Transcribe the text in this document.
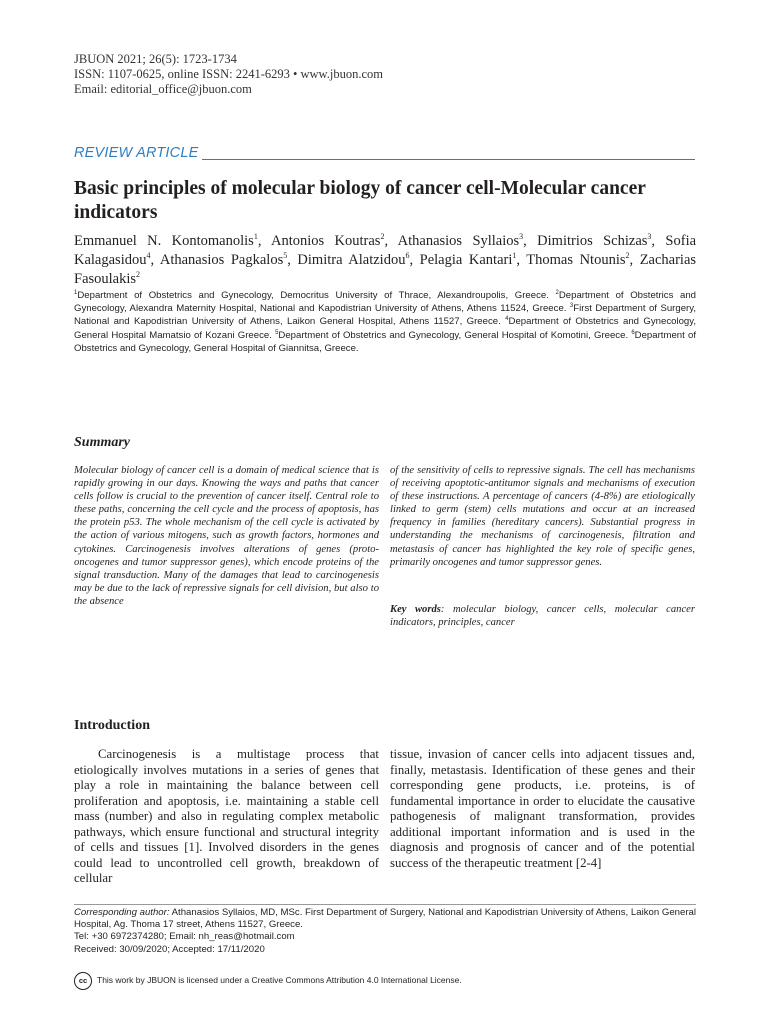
JBUON 2021; 26(5): 1723-1734
ISSN: 1107-0625, online ISSN: 2241-6293 • www.jbuon.com
Email: editorial_office@jbuon.com
REVIEW ARTICLE
Basic principles of molecular biology of cancer cell-Molecular cancer indicators
Emmanuel N. Kontomanolis$^1$, Antonios Koutras$^2$, Athanasios Syllaios$^3$, Dimitrios Schizas$^3$, Sofia Kalagasidou$^4$, Athanasios Pagkalos$^5$, Dimitra Alatzidou$^6$, Pelagia Kantari$^1$, Thomas Ntounis$^2$, Zacharias Fasoulakis$^2$
$^1$Department of Obstetrics and Gynecology, Democritus University of Thrace, Alexandroupolis, Greece. $^2$Department of Obstetrics and Gynecology, Alexandra Maternity Hospital, National and Kapodistrian University of Athens, Athens 11524, Greece. $^3$First Department of Surgery, National and Kapodistrian University of Athens, Laikon General Hospital, Athens 11527, Greece. $^4$Department of Obstetrics and Gynecology, General Hospital Mamatsio of Kozani Greece. $^5$Department of Obstetrics and Gynecology, General Hospital of Komotini, Greece. $^6$Department of Obstetrics and Gynecology, General Hospital of Giannitsa, Greece.
Summary
Molecular biology of cancer cell is a domain of medical science that is rapidly growing in our days. Knowing the ways and paths that cancer cells follow is crucial to the prevention of cancer itself. Central role to these paths, concerning the cell cycle and the process of apoptosis, has the protein p53. The whole mechanism of the cell cycle is activated by the action of various mitogens, such as growth factors, hormones and cytokines. Carcinogenesis involves alterations of genes (proto-oncogenes and tumor suppressor genes), which encode proteins of the signal transduction. Many of the damages that lead to carcinogenesis may be due to the lack of repressive signals for cell division, but also to the absence
of the sensitivity of cells to repressive signals. The cell has mechanisms of receiving apoptotic-antitumor signals and mechanisms of execution of these instructions. A percentage of cancers (4-8%) are etiologically linked to germ (stem) cells mutations and occur at an increased frequency in families (hereditary cancers). Substantial progress in understanding the mechanisms of carcinogenesis, filtration and metastasis of cancer has highlighted the key role of specific genes, primarily oncogenes and tumor suppressor genes.
Key words: molecular biology, cancer cells, molecular cancer indicators, principles, cancer
Introduction
Carcinogenesis is a multistage process that etiologically involves mutations in a series of genes that play a role in maintaining the balance between cell proliferation and apoptosis, i.e. maintaining a stable cell mass (number) and also in regulating complex metabolic pathways, which ensure functional and structural integrity of cells and tissues [1]. Involved disorders in the genes could lead to uncontrolled cell growth, breakdown of cellular
tissue, invasion of cancer cells into adjacent tissues and, finally, metastasis. Identification of these genes and their corresponding gene products, i.e. proteins, is of fundamental importance in order to elucidate the causative pathogenesis of malignant transformation, provides additional important information and is used in the diagnosis and prognosis of cancer and of the potential success of the therapeutic treatment [2-4]
Corresponding author: Athanasios Syllaios, MD, MSc. First Department of Surgery, National and Kapodistrian University of Athens, Laikon General Hospital, Ag. Thoma 17 street, Athens 11527, Greece.
Tel: +30 6972374280; Email: nh_reas@hotmail.com
Received: 30/09/2020; Accepted: 17/11/2020
cc	This work by JBUON is licensed under a Creative Commons Attribution 4.0 International License.
